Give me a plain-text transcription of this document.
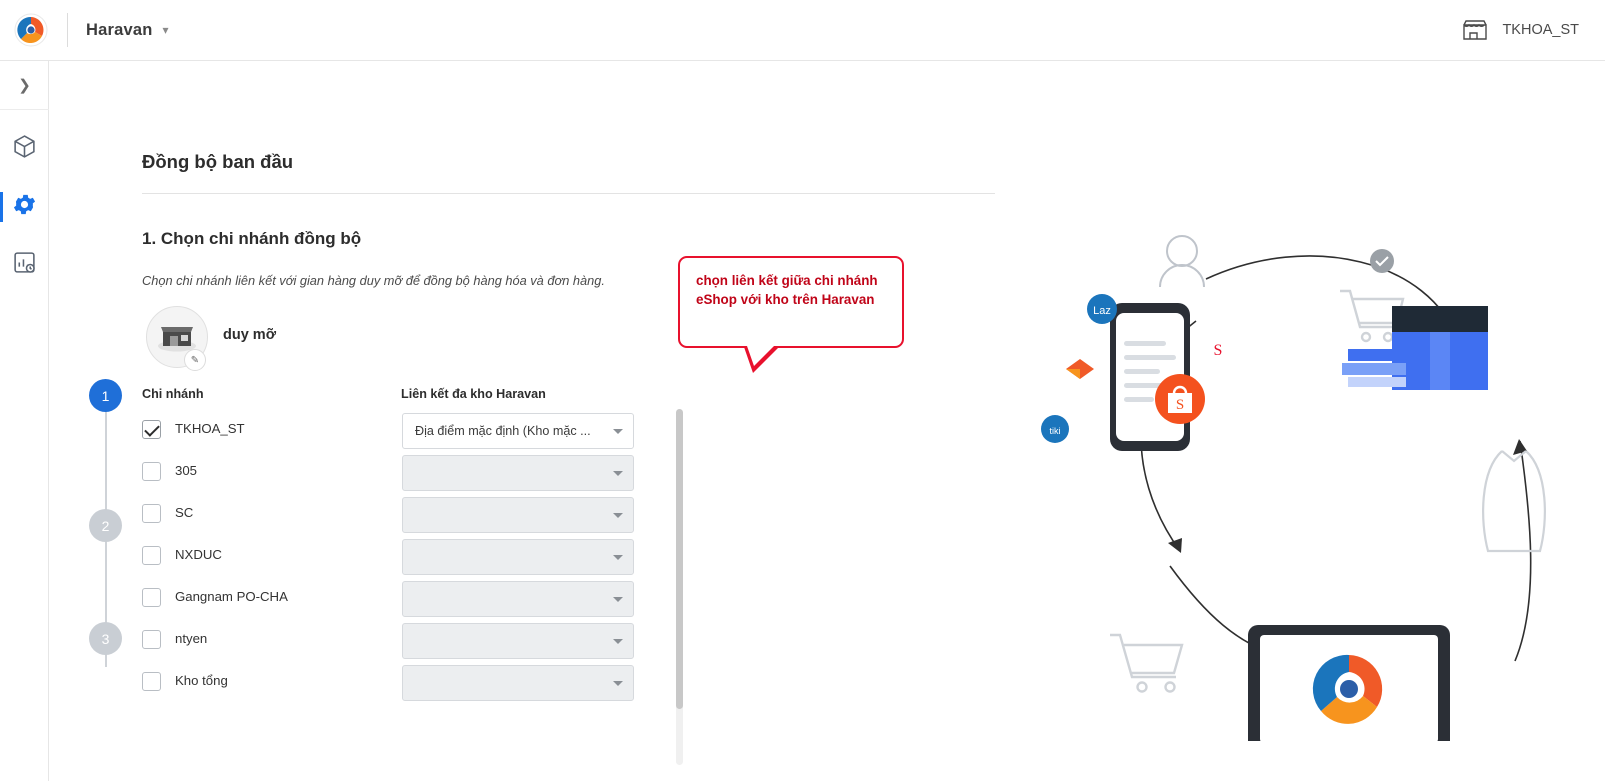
Haravan ▾	TKHOA_ST
❯
Đồng bộ ban đầu
1. Chọn chi nhánh đồng bộ
Chọn chi nhánh liên kết với gian hàng duy mỡ để đồng bộ hàng hóa và đơn hàng.
✎
duy mỡ
1
2
3
Chi nhánh	Liên kết đa kho Haravan
TKHOA_ST	Địa điểm mặc định (Kho mặc ...
305
SC
NXDUC
Gangnam PO-CHA
ntyen
Kho tổng
chọn liên kết giữa chi nhánh eShop với kho trên Haravan
Laz
tiki
S
S
